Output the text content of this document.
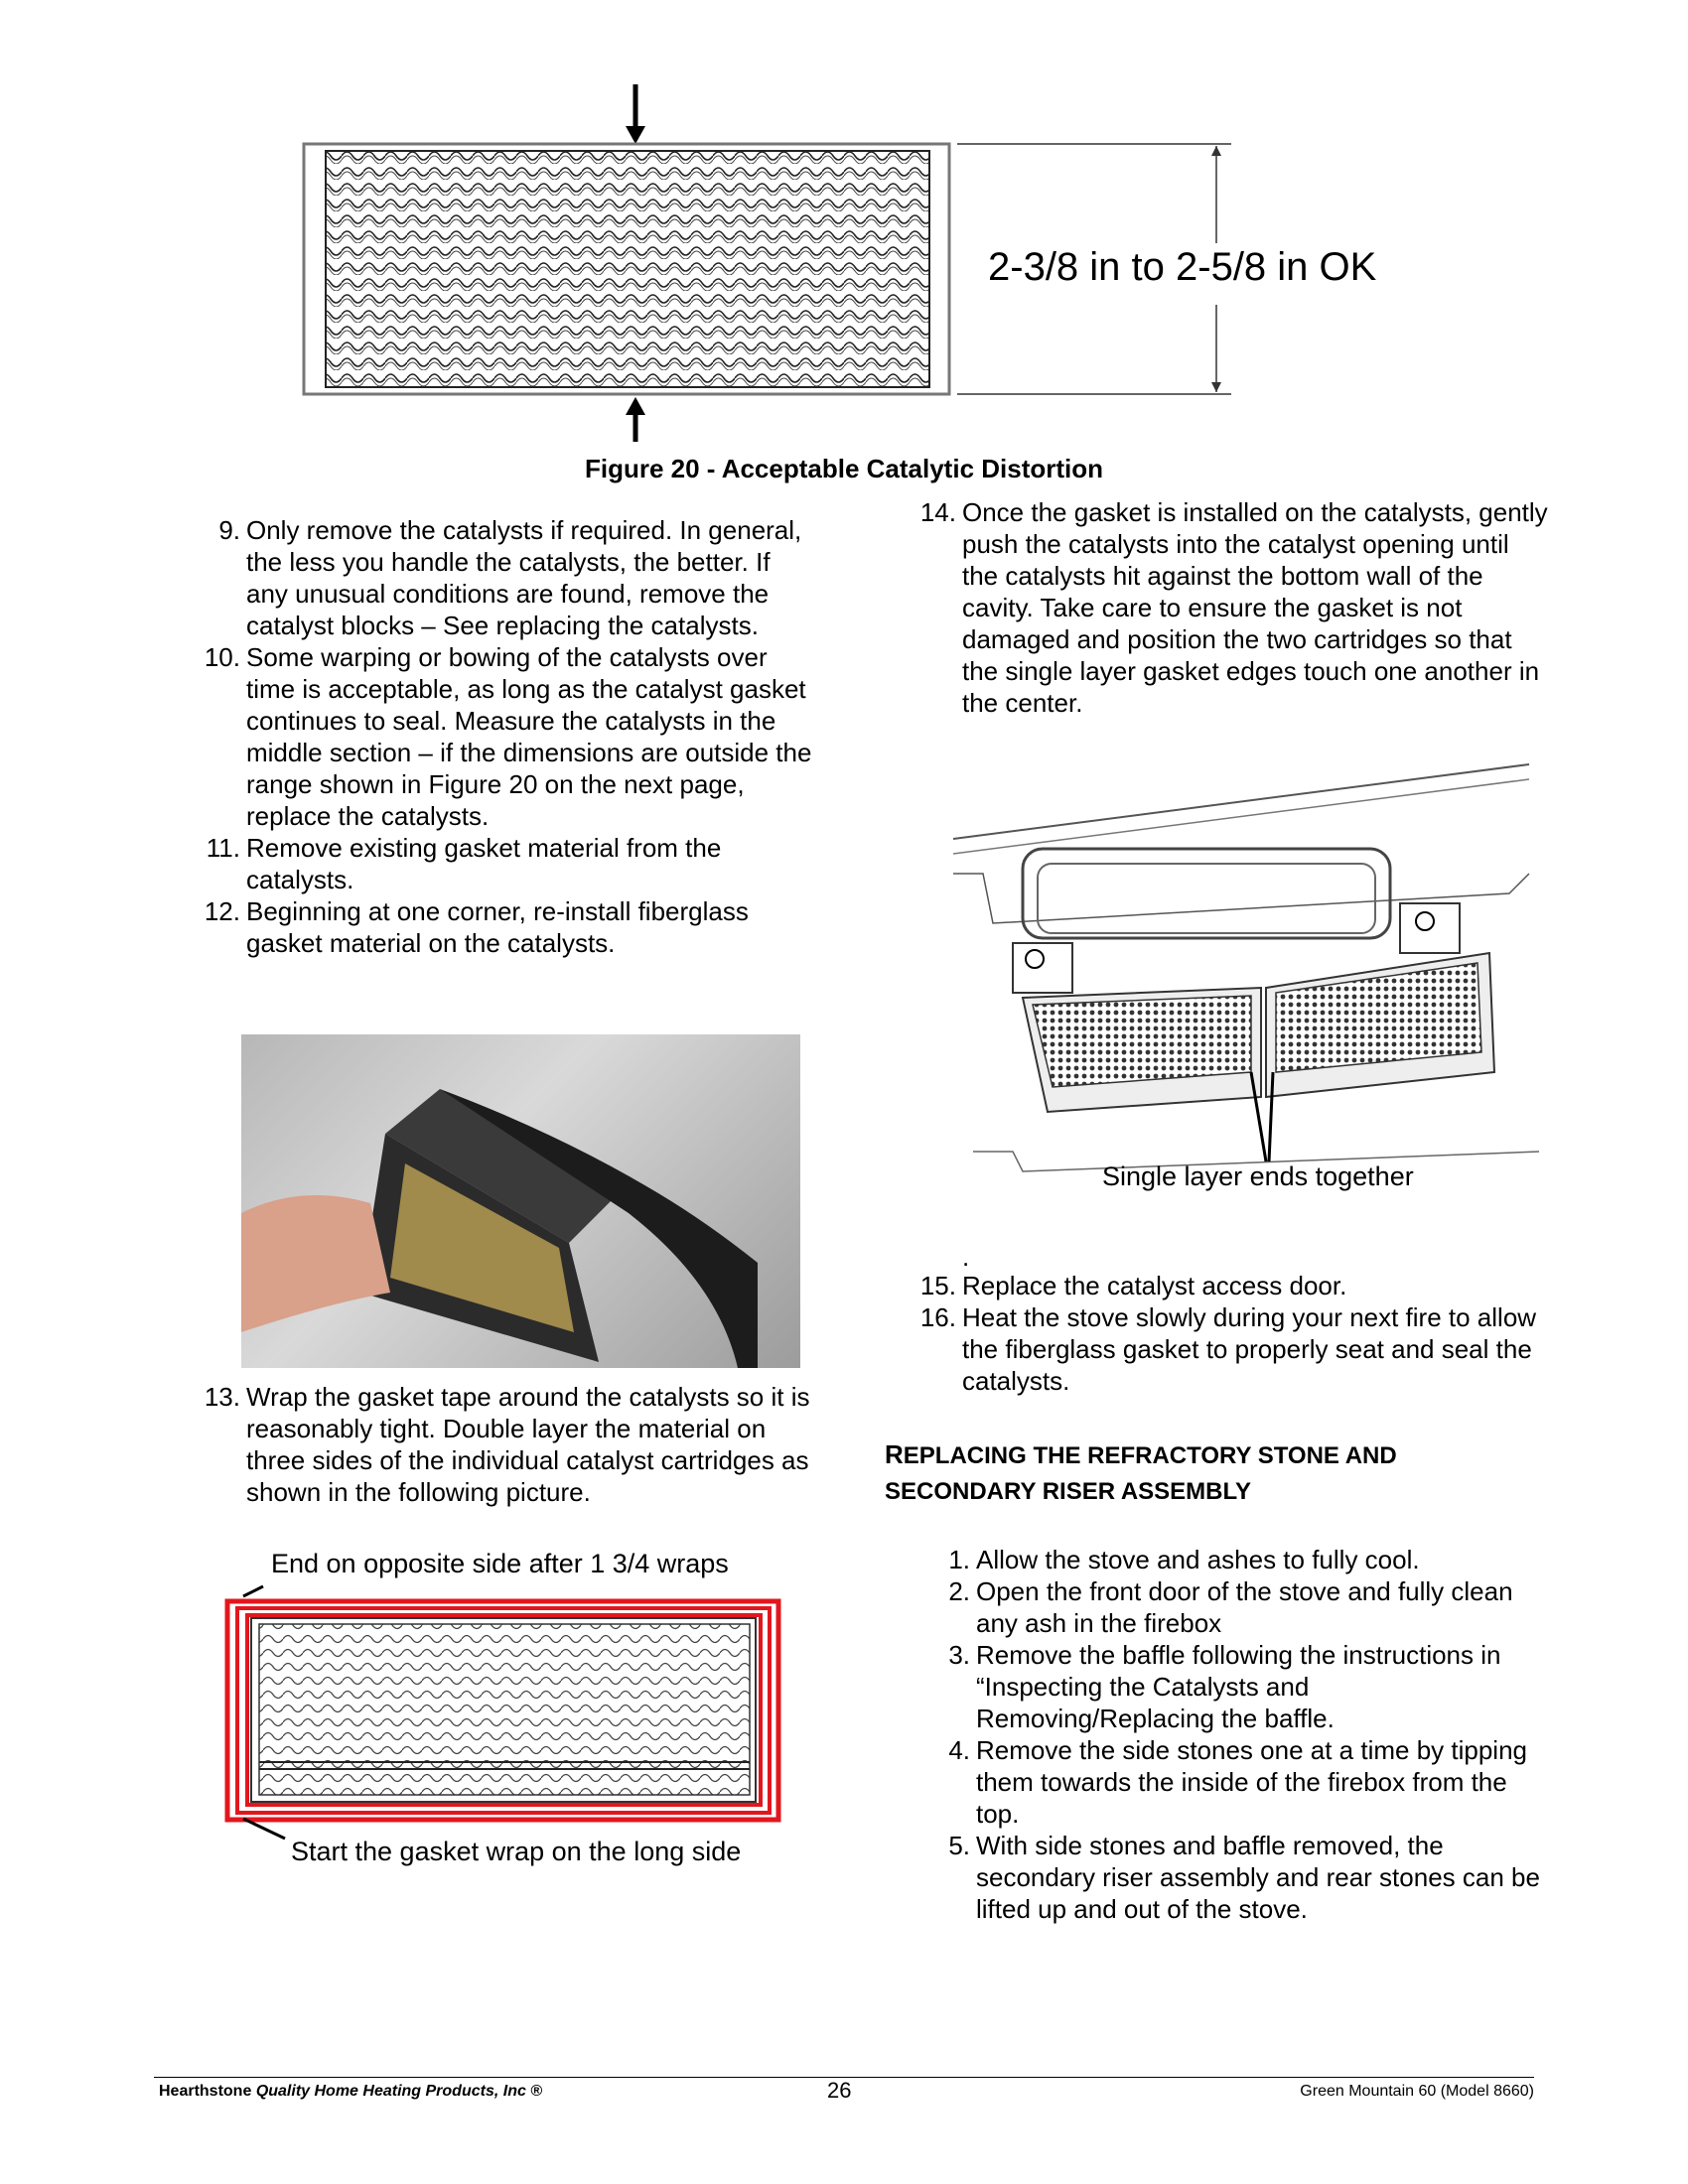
2-3/8 in to 2-5/8 in OK
Figure 20 - Acceptable Catalytic Distortion
9. Only remove the catalysts if required. In general, the less you handle the catalysts, the better. If any unusual conditions are found, remove the catalyst blocks – See replacing the catalysts.
10. Some warping or bowing of the catalysts over time is acceptable, as long as the catalyst gasket continues to seal. Measure the catalysts in the middle section – if the dimensions are outside the range shown in Figure 20 on the next page, replace the catalysts.
11. Remove existing gasket material from the catalysts.
12. Beginning at one corner, re-install fiberglass gasket material on the catalysts.
13. Wrap the gasket tape around the catalysts so it is reasonably tight. Double layer the material on three sides of the individual catalyst cartridges as shown in the following picture.
End on opposite side after 1 3/4 wraps
Start the gasket wrap on the long side
14. Once the gasket is installed on the catalysts, gently push the catalysts into the catalyst opening until the catalysts hit against the bottom wall of the cavity. Take care to ensure the gasket is not damaged and position the two cartridges so that the single layer gasket edges touch one another in the center.
Single layer ends together
.
15. Replace the catalyst access door.
16. Heat the stove slowly during your next fire to allow the fiberglass gasket to properly seat and seal the catalysts.
REPLACING THE REFRACTORY STONE AND
SECONDARY RISER ASSEMBLY
1. Allow the stove and ashes to fully cool.
2. Open the front door of the stove and fully clean any ash in the firebox
3. Remove the baffle following the instructions in “Inspecting the Catalysts and Removing/Replacing the baffle.
4. Remove the side stones one at a time by tipping them towards the inside of the firebox from the top.
5. With side stones and baffle removed, the secondary riser assembly and rear stones can be lifted up and out of the stove.
Hearthstone Quality Home Heating Products, Inc ®	26	Green Mountain 60 (Model 8660)
